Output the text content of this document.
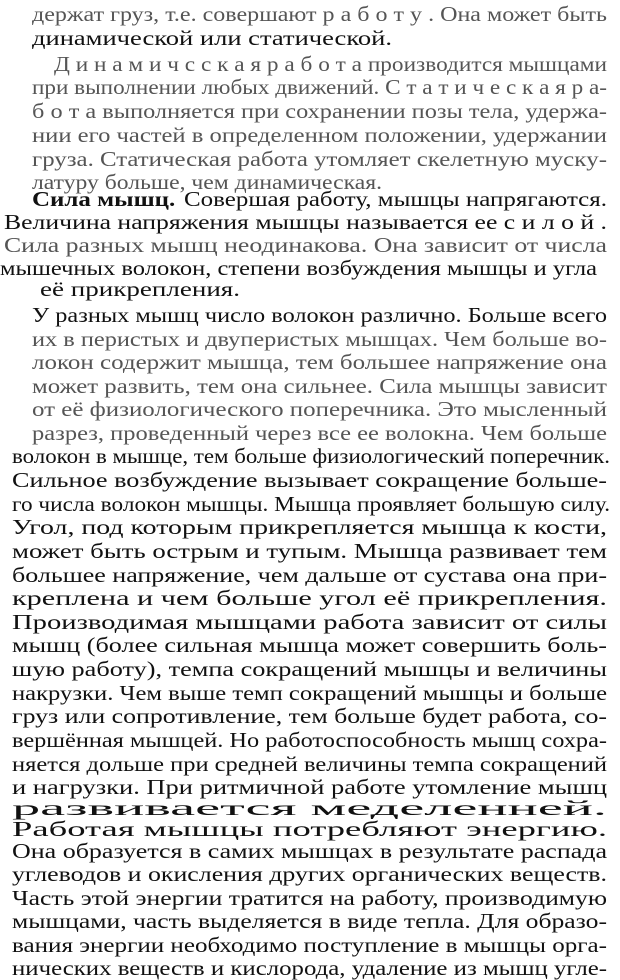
держат груз, т.е. совершают р а б о т у . Она может быть
динамической или статической.
Д и н а м и ч с с к а я р а б о т а производится мышцами
при выполнении любых движений. С т а т и ч е с к а я р а-
б о т а выполняется при сохранении позы тела, удержа-
нии его частей в определенном положении, удержании
груза. Статическая работа утомляет скелетную мускy-
латуру больше, чем динамическая.
Сила мышц. Совершая работу, мышцы напрягаются.
Величина напряжения мышцы называется ее с и л о й .
Сила разных мышц неодинакова. Она зависит от числа
мышечных волокон, степени возбуждения мышцы и угла
её прикрепления.
У разных мышц число волокон различно. Больше всего
их в перистых и двуперистых мышцах. Чем больше во-
локон содержит мышца, тем большее напряжение она
может развить, тем она сильнее. Сила мышцы зависит
от её физиологического поперечника. Это мысленный
разрез, проведенный через все ее волокна. Чем больше
волокон в мышце, тем больше физиологический поперечник.
Сильное возбуждение вызывает сокращение больше-
го числа волокон мышцы. Мышца проявляет большую силу.
Угол, под которым прикрепляется мышца к кости,
может быть острым и тупым. Мышца развивает тем
большее напряжение, чем дальше от сустава она при-
креплена и чем больше угол её прикрепления.
Производимая мышцами работа зависит от силы
мышц (более сильная мышца может совершить боль-
шую работу), темпа сокращений мышцы и величины
накрузки. Чем выше темп сокращений мышцы и больше
груз или сопротивление, тем больше будет работа, со-
вершённая мышцей. Но работоспособность мышц сохра-
няется дольше при средней величины темпа сокращений
и нагрузки. При ритмичной работе утомление мышц
развивается меделенней.
Работая мышцы потребляют энергию.
Она образуется в самих мышцах в результате распада
углеводов и окисления других органических веществ.
Часть этой энергии тратится на работу, производимую
мышцами, часть выделяется в виде тепла. Для образо-
вания энергии необходимо поступление в мышцы орга-
нических веществ и кислорода, удаление из мышц угле-
